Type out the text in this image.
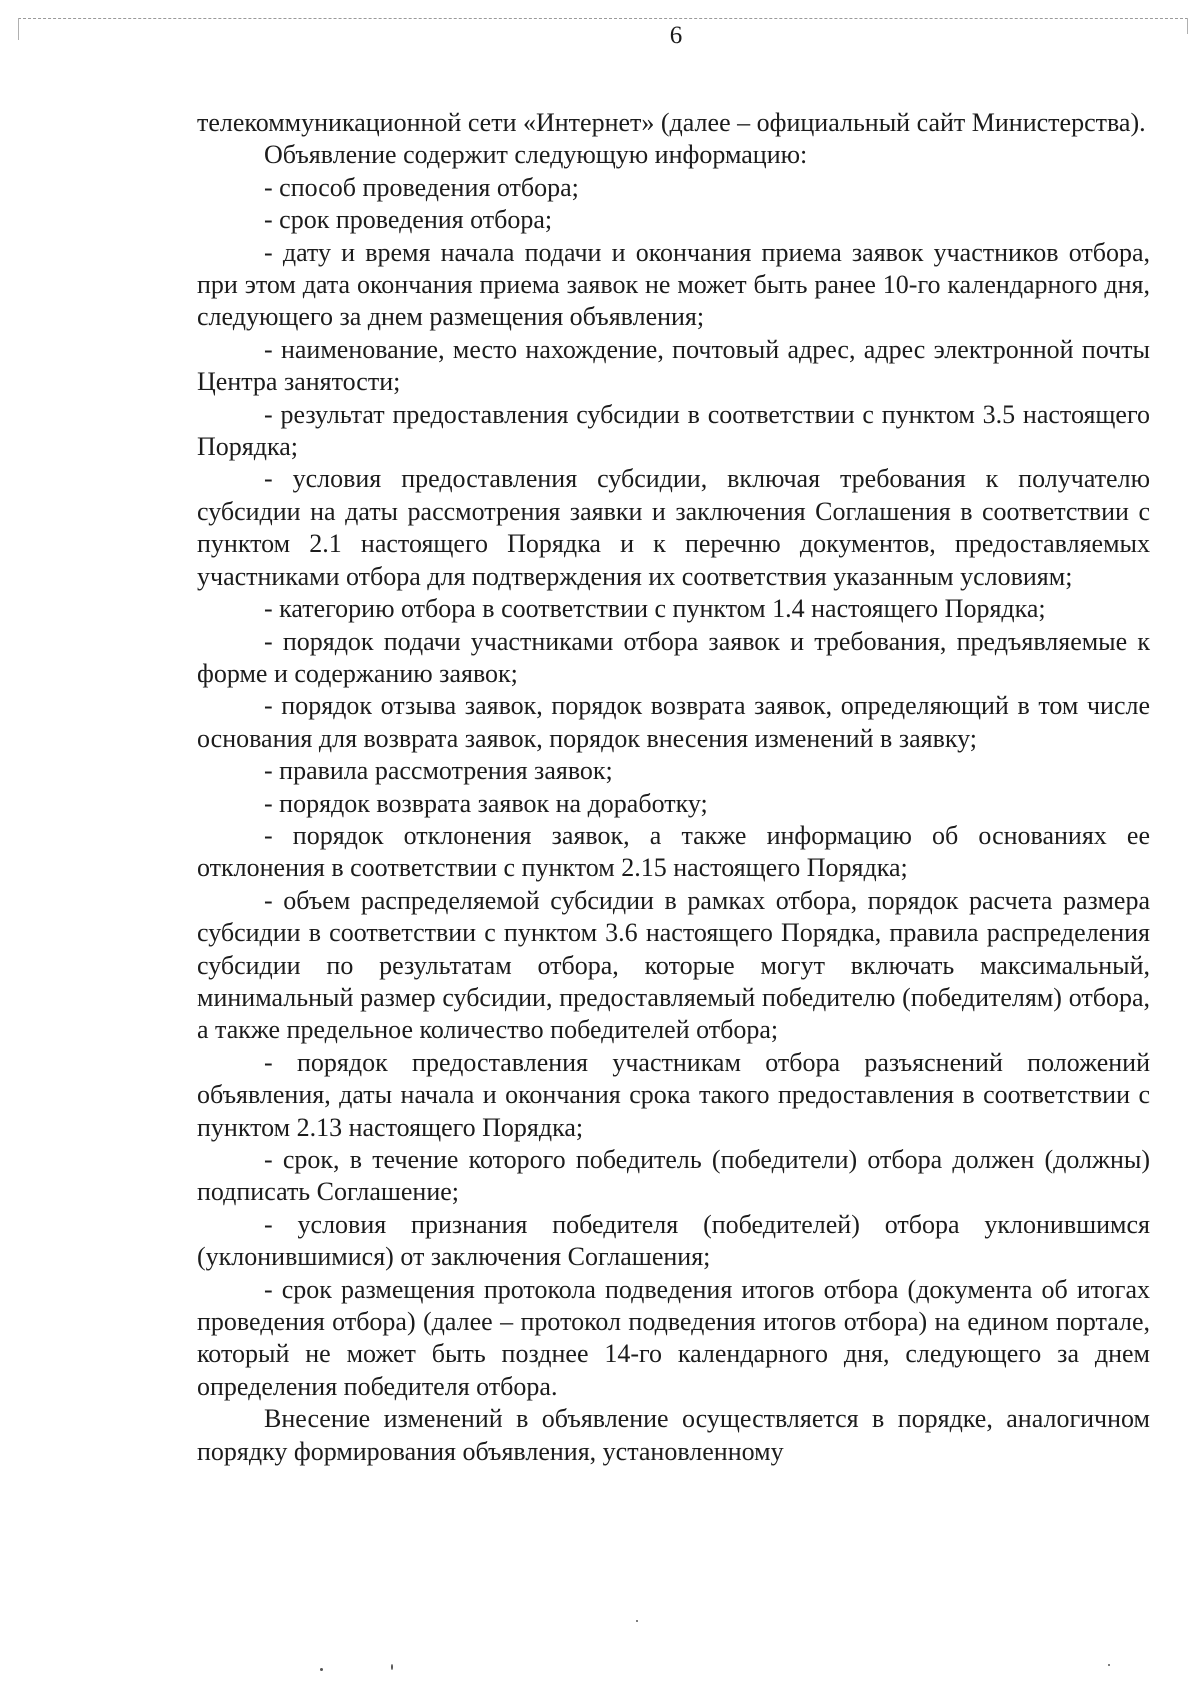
6

телекоммуникационной сети «Интернет» (далее – официальный сайт Министерства).

Объявление содержит следующую информацию:

- способ проведения отбора;

- срок проведения отбора;

- дату и время начала подачи и окончания приема заявок участников отбора, при этом дата окончания приема заявок не может быть ранее 10-го календарного дня, следующего за днем размещения объявления;

- наименование, место нахождение, почтовый адрес, адрес электронной почты Центра занятости;

- результат предоставления субсидии в соответствии с пунктом 3.5 настоящего Порядка;

- условия предоставления субсидии, включая требования к получателю субсидии на даты рассмотрения заявки и заключения Соглашения в соответствии с пунктом 2.1 настоящего Порядка и к перечню документов, предоставляемых участниками отбора для подтверждения их соответствия указанным условиям;

- категорию отбора в соответствии с пунктом 1.4 настоящего Порядка;

- порядок подачи участниками отбора заявок и требования, предъявляемые к форме и содержанию заявок;

- порядок отзыва заявок, порядок возврата заявок, определяющий в том числе основания для возврата заявок, порядок внесения изменений в заявку;

- правила рассмотрения заявок;

- порядок возврата заявок на доработку;

- порядок отклонения заявок, а также информацию об основаниях ее отклонения в соответствии с пунктом 2.15 настоящего Порядка;

- объем распределяемой субсидии в рамках отбора, порядок расчета размера субсидии в соответствии с пунктом 3.6 настоящего Порядка, правила распределения субсидии по результатам отбора, которые могут включать максимальный, минимальный размер субсидии, предоставляемый победителю (победителям) отбора, а также предельное количество победителей отбора;

- порядок предоставления участникам отбора разъяснений положений объявления, даты начала и окончания срока такого предоставления в соответствии с пунктом 2.13 настоящего Порядка;

- срок, в течение которого победитель (победители) отбора должен (должны) подписать Соглашение;

- условия признания победителя (победителей) отбора уклонившимся (уклонившимися) от заключения Соглашения;

- срок размещения протокола подведения итогов отбора (документа об итогах проведения отбора) (далее – протокол подведения итогов отбора) на едином портале, который не может быть позднее 14-го календарного дня, следующего за днем определения победителя отбора.

Внесение изменений в объявление осуществляется в порядке, аналогичном порядку формирования объявления, установленному
